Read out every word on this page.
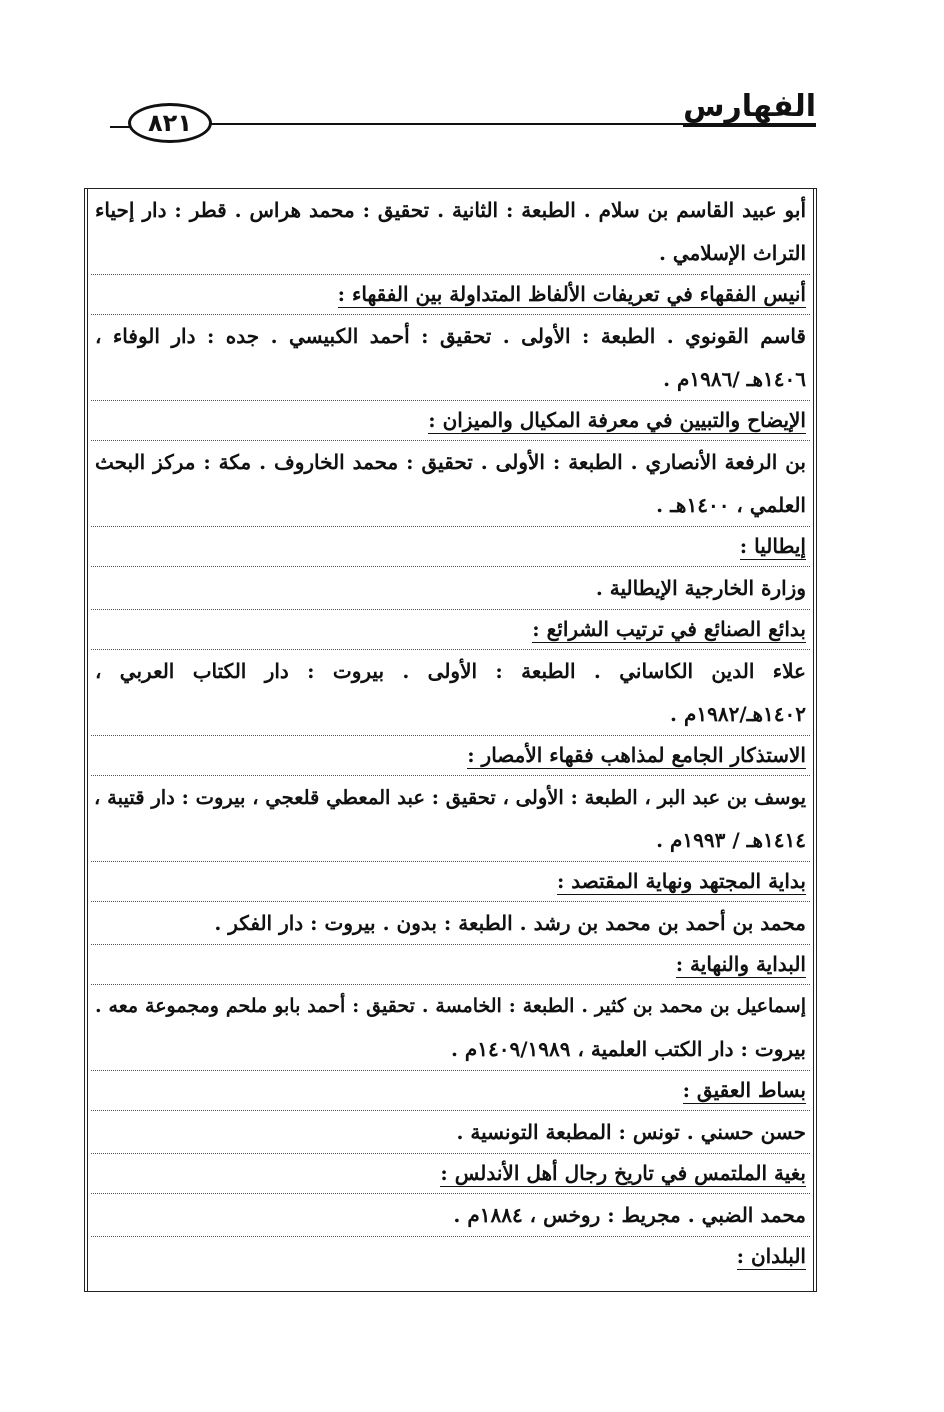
٨٢١	الفهارس
أبو عبيد القاسم بن سلام . الطبعة : الثانية . تحقيق : محمد هراس . قطر : دار إحياء
التراث الإسلامي .
أنيس الفقهاء في تعريفات الألفاظ المتداولة بين الفقهاء :
قاسم القونوي . الطبعة : الأولى . تحقيق : أحمد الكبيسي . جده : دار الوفاء ،
١٤٠٦هـ /١٩٨٦م .
الإيضاح والتبيين في معرفة المكيال والميزان :
بن الرفعة الأنصاري . الطبعة : الأولى . تحقيق : محمد الخاروف . مكة : مركز البحث
العلمي ، ١٤٠٠هـ .
إيطاليا :
وزارة الخارجية الإيطالية .
بدائع الصنائع في ترتيب الشرائع :
علاء الدين الكاساني . الطبعة : الأولى . بيروت : دار الكتاب العربي ،
١٤٠٢هـ/١٩٨٢م .
الاستذكار الجامع لمذاهب فقهاء الأمصار :
يوسف بن عبد البر ، الطبعة : الأولى ، تحقيق : عبد المعطي قلعجي ، بيروت : دار قتيبة ،
١٤١٤هـ / ١٩٩٣م .
بداية المجتهد ونهاية المقتصد :
محمد بن أحمد بن محمد بن رشد . الطبعة : بدون . بيروت : دار الفكر .
البداية والنهاية :
إسماعيل بن محمد بن كثير . الطبعة : الخامسة . تحقيق : أحمد بابو ملحم ومجموعة معه .
بيروت : دار الكتب العلمية ، ١٤٠٩/١٩٨٩م .
بساط العقيق :
حسن حسني . تونس : المطبعة التونسية .
بغية الملتمس في تاريخ رجال أهل الأندلس :
محمد الضبي . مجريط : روخس ، ١٨٨٤م .
البلدان :
